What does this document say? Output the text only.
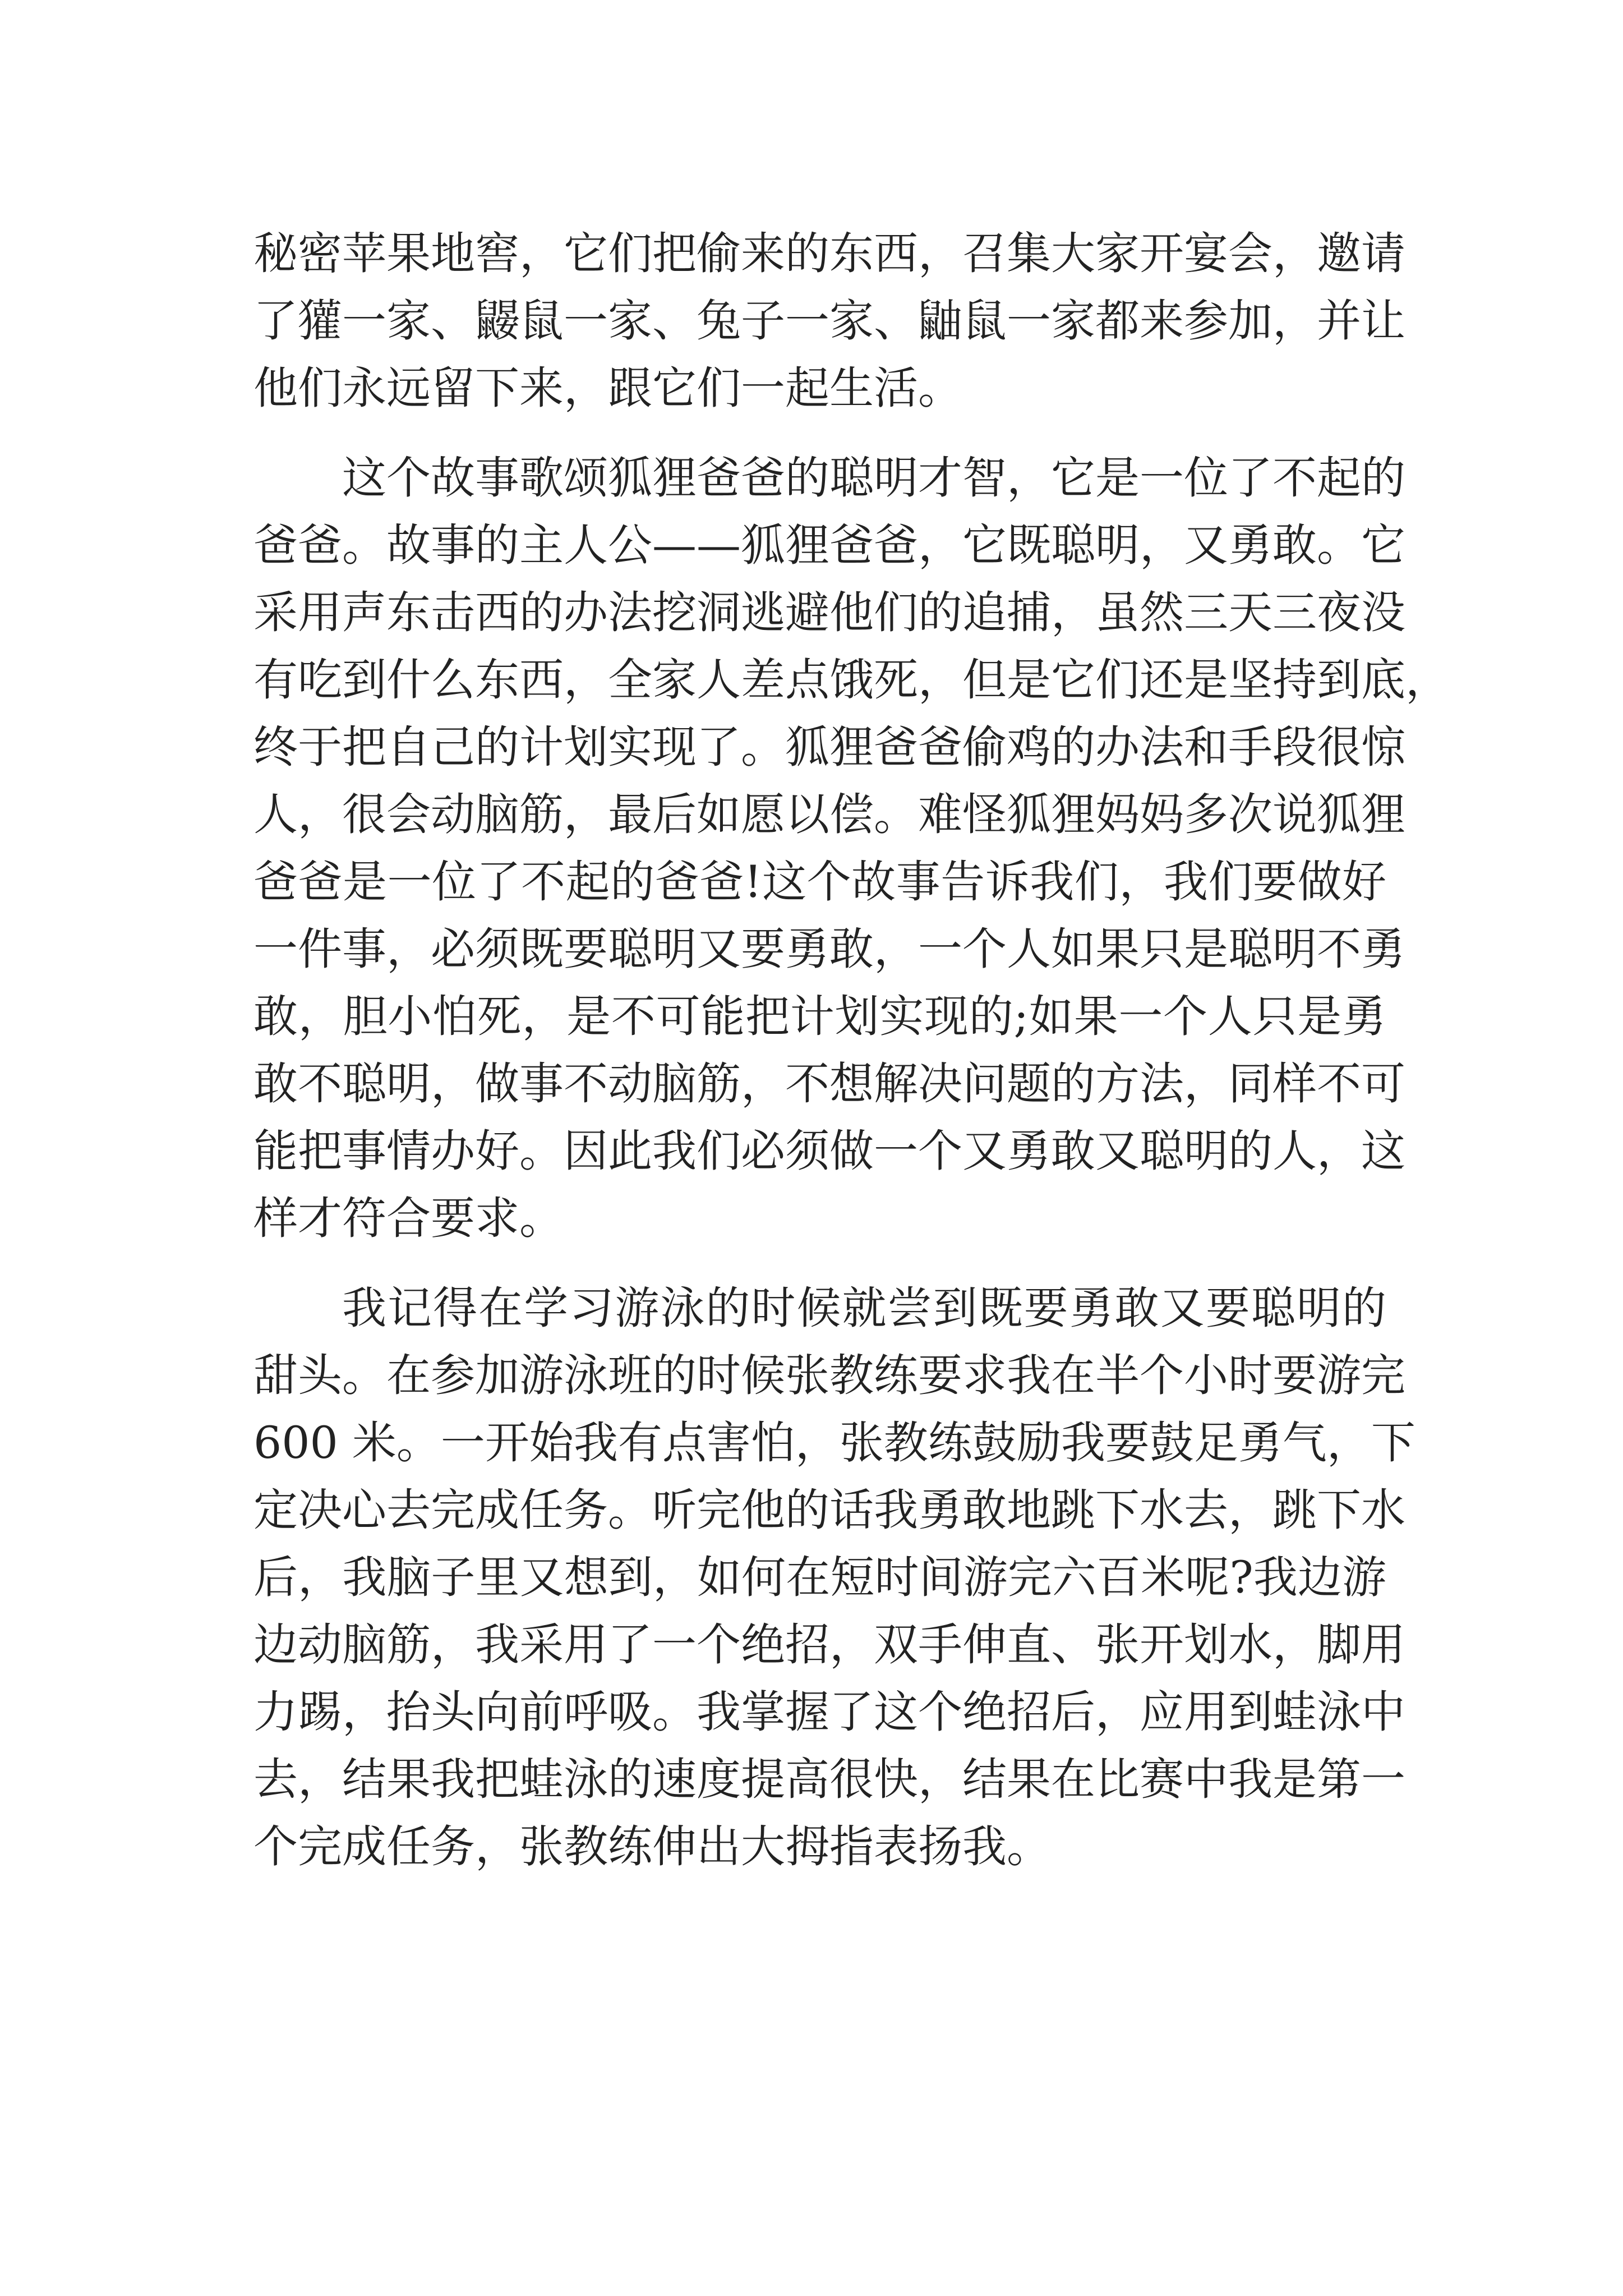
秘密苹果地窖，它们把偷来的东西，召集大家开宴会，邀请
了獾一家、鼹鼠一家、兔子一家、鼬鼠一家都来参加，并让
他们永远留下来，跟它们一起生活。
这个故事歌颂狐狸爸爸的聪明才智，它是一位了不起的
爸爸。故事的主人公——狐狸爸爸，它既聪明，又勇敢。它
采用声东击西的办法挖洞逃避他们的追捕，虽然三天三夜没
有吃到什么东西，全家人差点饿死，但是它们还是坚持到底，
终于把自己的计划实现了。狐狸爸爸偷鸡的办法和手段很惊
人，很会动脑筋，最后如愿以偿。难怪狐狸妈妈多次说狐狸
爸爸是一位了不起的爸爸!这个故事告诉我们，我们要做好
一件事，必须既要聪明又要勇敢，一个人如果只是聪明不勇
敢，胆小怕死，是不可能把计划实现的;如果一个人只是勇
敢不聪明，做事不动脑筋，不想解决问题的方法，同样不可
能把事情办好。因此我们必须做一个又勇敢又聪明的人，这
样才符合要求。
我记得在学习游泳的时候就尝到既要勇敢又要聪明的
甜头。在参加游泳班的时候张教练要求我在半个小时要游完
600 米。一开始我有点害怕，张教练鼓励我要鼓足勇气，下
定决心去完成任务。听完他的话我勇敢地跳下水去，跳下水
后，我脑子里又想到，如何在短时间游完六百米呢?我边游
边动脑筋，我采用了一个绝招，双手伸直、张开划水，脚用
力踢，抬头向前呼吸。我掌握了这个绝招后，应用到蛙泳中
去，结果我把蛙泳的速度提高很快，结果在比赛中我是第一
个完成任务，张教练伸出大拇指表扬我。
